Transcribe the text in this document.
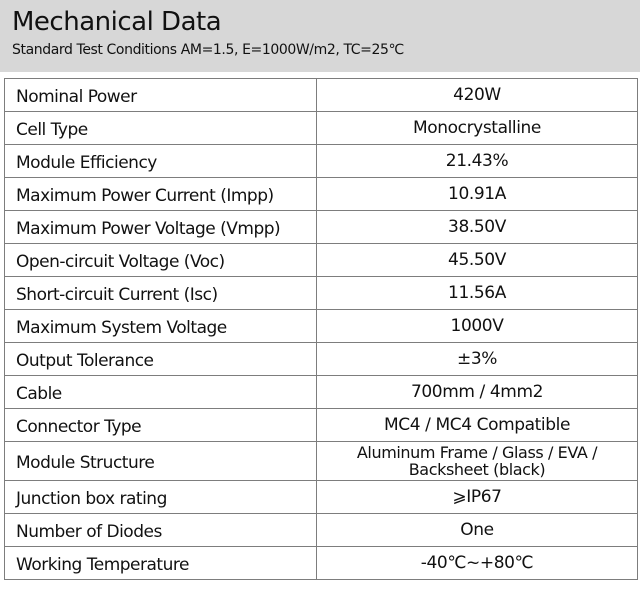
Mechanical Data
Standard Test Conditions AM=1.5, E=1000W/m2, TC=25℃
Nominal Power	420W
Cell Type	Monocrystalline
Module Efficiency	21.43%
Maximum Power Current (Impp)	10.91A
Maximum Power Voltage (Vmpp)	38.50V
Open-circuit Voltage (Voc)	45.50V
Short-circuit Current (Isc)	11.56A
Maximum System Voltage	1000V
Output Tolerance	±3%
Cable	700mm / 4mm2
Connector Type	MC4 / MC4 Compatible
Module Structure	Aluminum Frame / Glass / EVA / Backsheet (black)
Junction box rating	⩾IP67
Number of Diodes	One
Working Temperature	-40℃~+80℃
